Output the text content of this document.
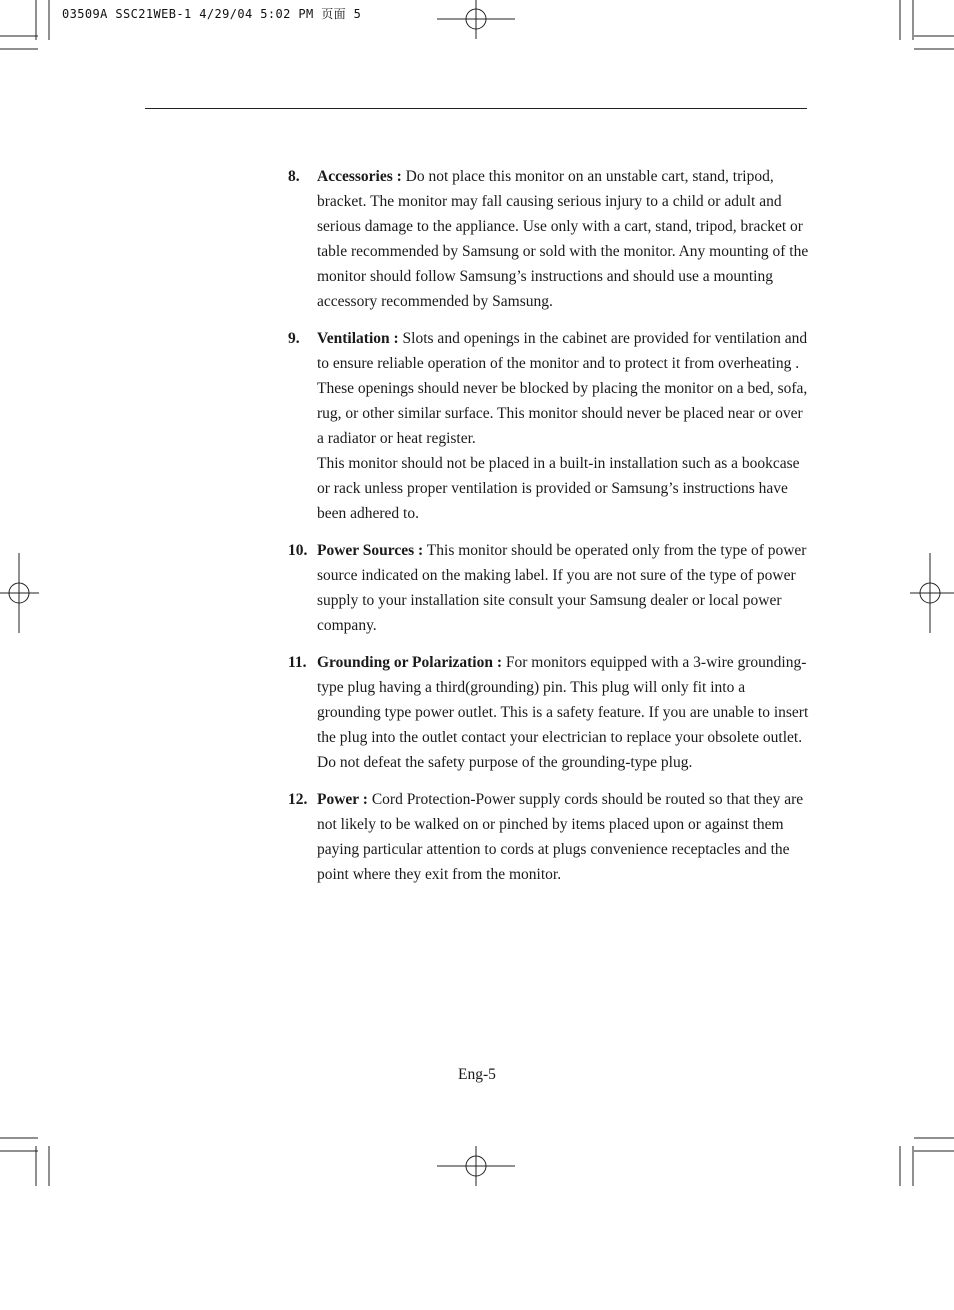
03509A SSC21WEB-1 4/29/04 5:02 PM 页面 5
8.	Accessories : Do not place this monitor on an unstable cart, stand, tripod, bracket. The monitor may fall causing serious injury to a child or adult and serious damage to the appliance. Use only with a cart, stand, tripod, bracket or table recommended by Samsung or sold with the monitor. Any mounting of the monitor should follow Samsung’s instructions and should use a mounting accessory recommended by Samsung.
9.	Ventilation : Slots and openings in the cabinet are provided for ventilation and to ensure reliable operation of the monitor and to protect it from overheating . These openings should never be blocked by placing the monitor on a bed, sofa, rug, or other similar surface. This monitor should never be placed near or over a radiator or heat register.
This monitor should not be placed in a built-in installation such as a bookcase or rack unless proper ventilation is provided or Samsung’s instructions have been adhered to.
10. Power Sources : This monitor should be operated only from the type of power source indicated on the making label. If you are not sure of the type of power supply to your installation site consult your Samsung dealer or local power company.
11. Grounding or Polarization : For monitors equipped with a 3-wire grounding-type plug having a third(grounding) pin. This plug will only fit into a grounding type power outlet. This is a safety feature. If you are unable to insert the plug into the outlet contact your electrician to replace your obsolete outlet. Do not defeat the safety purpose of the grounding-type plug.
12. Power : Cord Protection-Power supply cords should be routed so that they are not likely to be walked on or pinched by items placed upon or against them paying particular attention to cords at plugs convenience receptacles and the point where they exit from the monitor.
Eng-5
